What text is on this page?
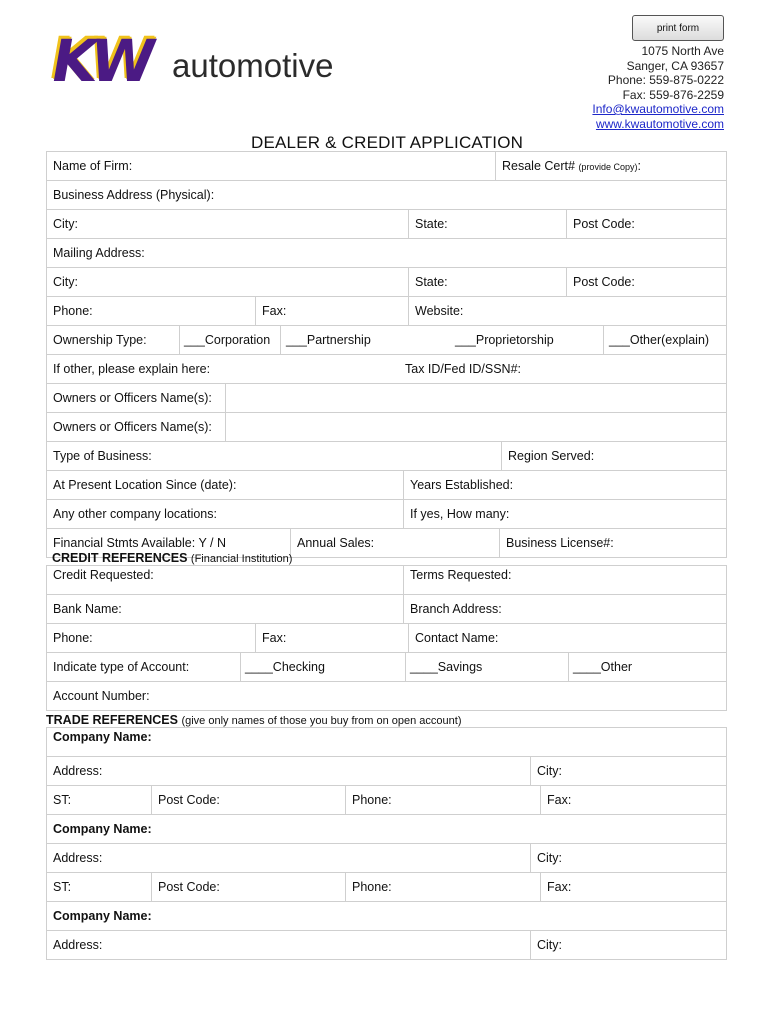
print form
KW automotive	1075 North Ave
Sanger, CA 93657
Phone: 559-875-0222
Fax: 559-876-2259
Info@kwautomotive.com
www.kwautomotive.com
DEALER & CREDIT APPLICATION
Name of Firm:	Resale Cert# (provide Copy):
Business Address (Physical):
City:	State:	Post Code:
Mailing Address:
City:	State:	Post Code:
Phone:	Fax:	Website:
Ownership Type:	___Corporation	___Partnership	___Proprietorship	___Other(explain)
If other, please explain here:	Tax ID/Fed ID/SSN#:
Owners or Officers Name(s):
Owners or Officers Name(s):
Type of Business:	Region Served:
At Present Location Since (date):	Years Established:
Any other company locations:	If yes, How many:
Financial Stmts Available: Y / N	Annual Sales:	Business License#:
CREDIT REFERENCES (Financial Institution)
Credit Requested:	Terms Requested:
Bank Name:	Branch Address:
Phone:	Fax:	Contact Name:
Indicate type of Account:	____Checking	____Savings	____Other
Account Number:
TRADE REFERENCES (give only names of those you buy from on open account)
Company Name:
Address:	City:
ST:	Post Code:	Phone:	Fax:
Company Name:
Address:	City:
ST:	Post Code:	Phone:	Fax:
Company Name:
Address:	City:
